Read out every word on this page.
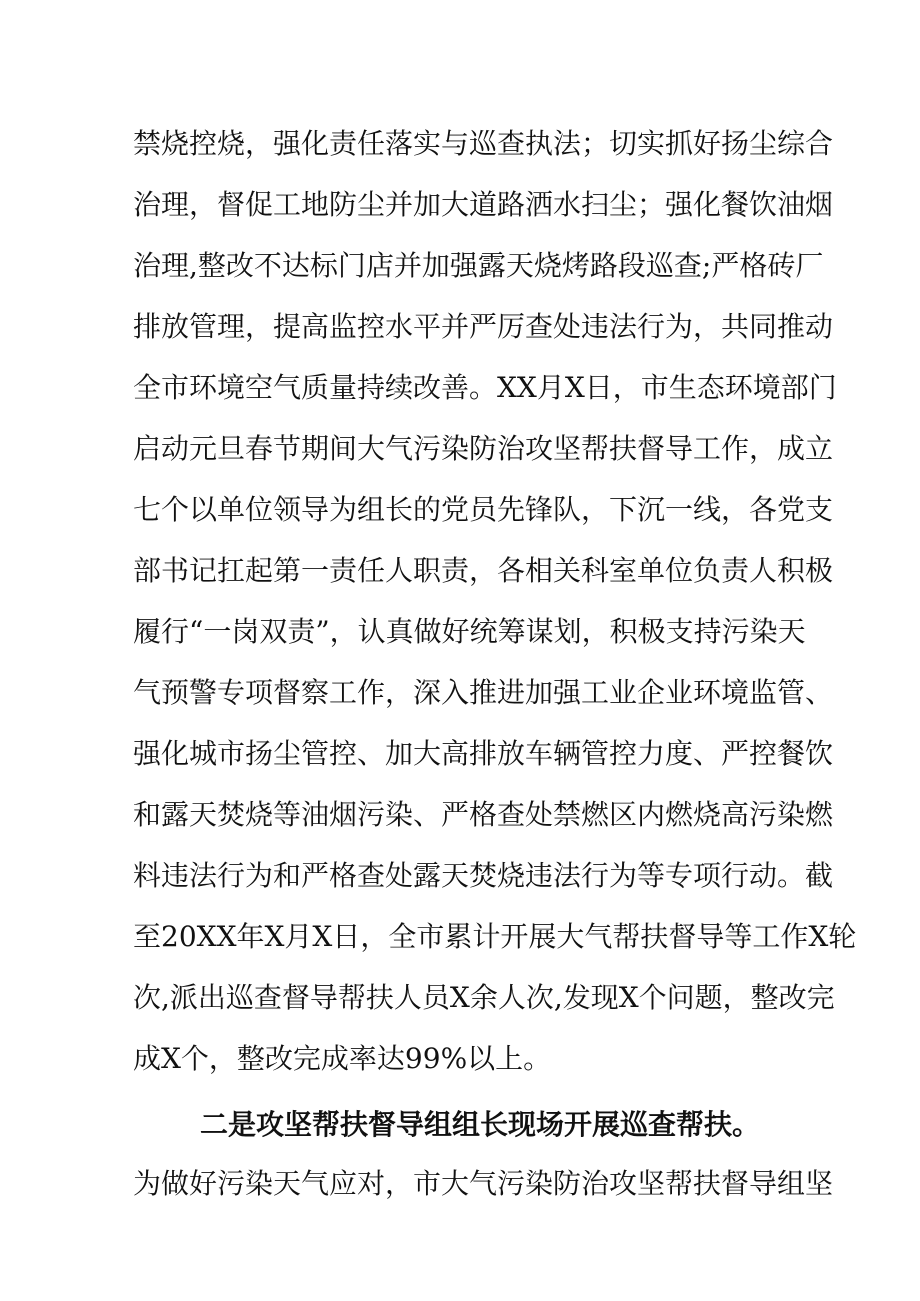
禁烧控烧，强化责任落实与巡查执法；切实抓好扬尘综合
治理，督促工地防尘并加大道路洒水扫尘；强化餐饮油烟
治理,整改不达标门店并加强露天烧烤路段巡查;严格砖厂
排放管理，提高监控水平并严厉查处违法行为，共同推动
全市环境空气质量持续改善。XX月X日，市生态环境部门
启动元旦春节期间大气污染防治攻坚帮扶督导工作，成立
七个以单位领导为组长的党员先锋队，下沉一线，各党支
部书记扛起第一责任人职责，各相关科室单位负责人积极
履行“一岗双责”，认真做好统筹谋划，积极支持污染天
气预警专项督察工作，深入推进加强工业企业环境监管、
强化城市扬尘管控、加大高排放车辆管控力度、严控餐饮
和露天焚烧等油烟污染、严格查处禁燃区内燃烧高污染燃
料违法行为和严格查处露天焚烧违法行为等专项行动。截
至20XX年X月X日，全市累计开展大气帮扶督导等工作X轮
次,派出巡查督导帮扶人员X余人次,发现X个问题，整改完
成X个，整改完成率达99%以上。
二是攻坚帮扶督导组组长现场开展巡查帮扶。
为做好污染天气应对，市大气污染防治攻坚帮扶督导组坚
